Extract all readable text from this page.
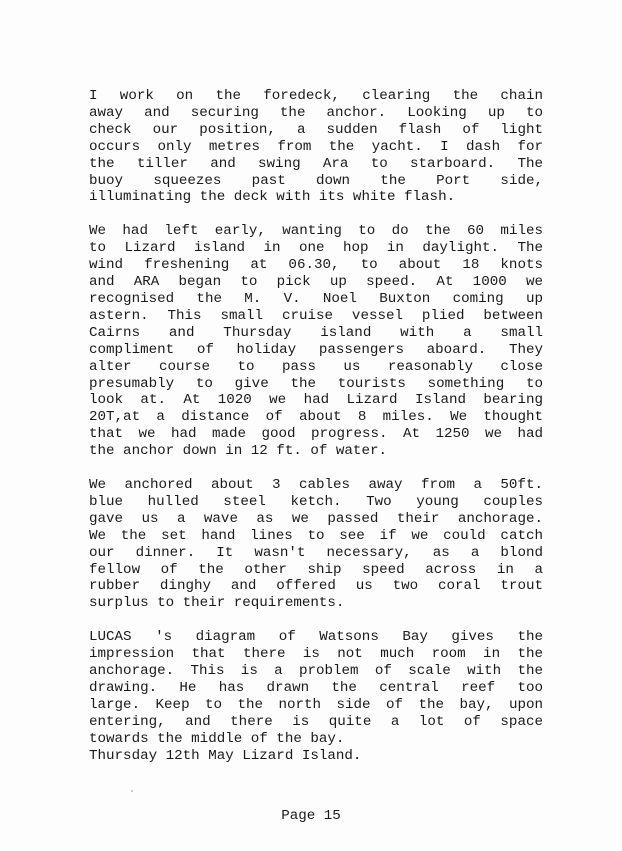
I work on the foredeck, clearing the chain
away and securing the anchor. Looking up to
check our position, a sudden flash of light
occurs only metres from the yacht. I dash for
the tiller and swing Ara to starboard. The
buoy squeezes past down the Port side,
illuminating the deck with its white flash.

We had left early, wanting to do the 60 miles
to Lizard island in one hop in daylight. The
wind freshening at 06.30, to about 18 knots
and ARA began to pick up speed. At 1000 we
recognised the M. V. Noel Buxton coming up
astern. This small cruise vessel plied between
Cairns and Thursday island with a small
compliment of holiday passengers aboard. They
alter course to pass us reasonably close
presumably to give the tourists something to
look at. At 1020 we had Lizard Island bearing
20T,at a distance of about 8 miles. We thought
that we had made good progress. At 1250 we had
the anchor down in 12 ft. of water.

We anchored about 3 cables away from a 50ft.
blue hulled steel ketch. Two young couples
gave us a wave as we passed their anchorage.
We the set hand lines to see if we could catch
our dinner. It wasn't necessary, as a blond
fellow of the other ship speed across in a
rubber dinghy and offered us two coral trout
surplus to their requirements.

LUCAS 's diagram of Watsons Bay gives the
impression that there is not much room in the
anchorage. This is a problem of scale with the
drawing. He has drawn the central reef too
large. Keep to the north side of the bay, upon
entering, and there is quite a lot of space
towards the middle of the bay.

Thursday 12th May Lizard Island.
Page 15
